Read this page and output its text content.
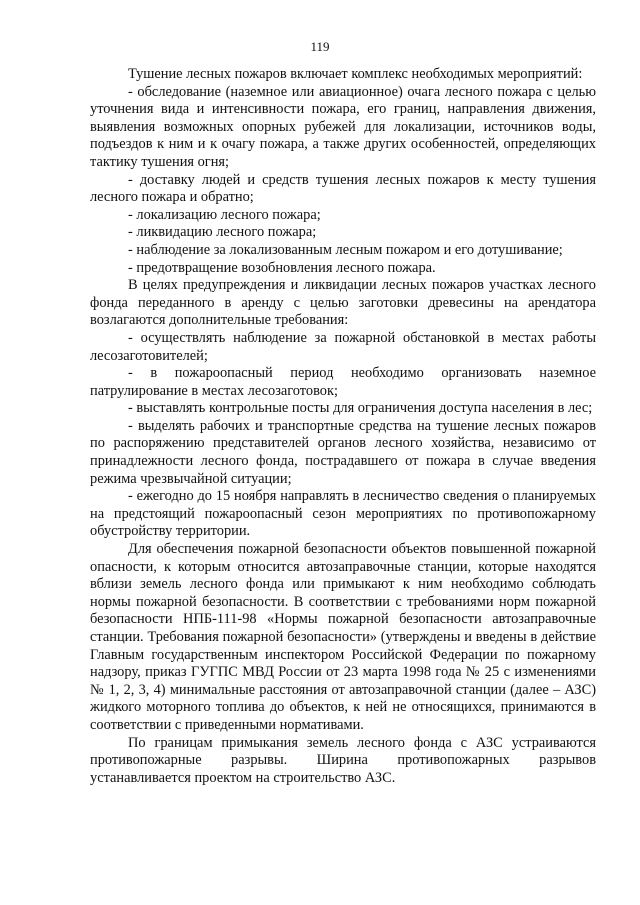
119

Тушение лесных пожаров включает комплекс необходимых мероприятий:

- обследование (наземное или авиационное) очага лесного пожара с целью уточнения вида и интенсивности пожара, его границ, направления движения, выявления возможных опорных рубежей для локализации, источников воды, подъездов к ним и к очагу пожара, а также других особенностей, определяющих тактику тушения огня;

- доставку людей и средств тушения лесных пожаров к месту тушения лесного пожара и обратно;

- локализацию лесного пожара;

- ликвидацию лесного пожара;

- наблюдение за локализованным лесным пожаром и его дотушивание;

- предотвращение возобновления лесного пожара.

В целях предупреждения и ликвидации лесных пожаров участках лесного фонда переданного в аренду с целью заготовки древесины на арендатора возлагаются дополнительные требования:

- осуществлять наблюдение за пожарной обстановкой в местах работы лесозаготовителей;

- в пожароопасный период необходимо организовать наземное патрулирование в местах лесозаготовок;

- выставлять контрольные посты для ограничения доступа населения в лес;

- выделять рабочих и транспортные средства на тушение лесных пожаров по распоряжению представителей органов лесного хозяйства, независимо от принадлежности лесного фонда, пострадавшего от пожара в случае введения режима чрезвычайной ситуации;

- ежегодно до 15 ноября направлять в лесничество сведения о планируемых на предстоящий пожароопасный сезон мероприятиях по противопожарному обустройству территории.

Для обеспечения пожарной безопасности объектов повышенной пожарной опасности, к которым относится автозаправочные станции, которые находятся вблизи земель лесного фонда или примыкают к ним необходимо соблюдать нормы пожарной безопасности. В соответствии с требованиями норм пожарной безопасности НПБ-111-98 «Нормы пожарной безопасности автозаправочные станции. Требования пожарной безопасности» (утверждены и введены в действие Главным государственным инспектором Российской Федерации по пожарному надзору, приказ ГУГПС МВД России от 23 марта 1998 года № 25 с изменениями № 1, 2, 3, 4) минимальные расстояния от автозаправочной станции (далее – АЗС) жидкого моторного топлива до объектов, к ней не относящихся, принимаются в соответствии с приведенными нормативами.

По границам примыкания земель лесного фонда с АЗС устраиваются противопожарные разрывы. Ширина противопожарных разрывов устанавливается проектом на строительство АЗС.
